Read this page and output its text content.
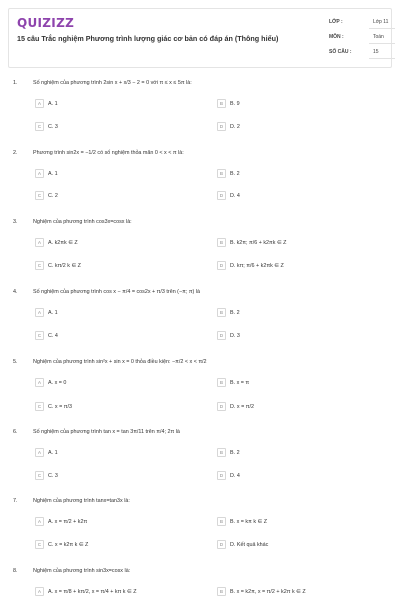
QUIZIZZ
15 câu Trắc nghiệm Phương trình lượng giác cơ bản có đáp án (Thông hiểu)
LỚP :	Lớp 11
MÔN :	Toán
SỐ CÂU :	15
1.	Số nghiệm của phương trình 2sin x + x/3 − 2 = 0 với π ≤ x ≤ 5π là:
A	A. 1	B	B. 9
C	C. 3	D	D. 2
2.	Phương trình sin2x = −1/2 có số nghiệm thỏa mãn 0 < x < π là:
A	A. 1	B	B. 2
C	C. 2	D	D. 4
3.	Nghiệm của phương trình cos3x=cosx là:
A	A. k2πk ∈ Z	B	B. k2π; π/6 + k2πk ∈ Z
C	C. kπ/2 k ∈ Z	D	D. kπ; π/6 + k2πk ∈ Z
4.	Số nghiệm của phương trình cos x − π/4 = cos2x + π/3 trên (−π; π) là
A	A. 1	B	B. 2
C	C. 4	D	D. 3
5.	Nghiệm của phương trình sin²x + sin x = 0 thỏa điều kiện: −π/2 < x < π/2
A	A. x = 0	B	B. x = π
C	C. x = π/3	D	D. x = π/2
6.	Số nghiệm của phương trình tan x = tan 3π/11 trên π/4; 2π là
A	A. 1	B	B. 2
C	C. 3	D	D. 4
7.	Nghiệm của phương trình tanx=tan3x là:
A	A. x = π/2 + k2π	B	B. x = kπ k ∈ Z
C	C. x = k2π k ∈ Z	D	D. Kết quả khác
8.	Nghiệm của phương trình sin3x=cosx là:
A	A. x = π/8 + kπ/2, x = π/4 + kπ k ∈ Z	B	B. x = k2π, x = π/2 + k2π k ∈ Z
